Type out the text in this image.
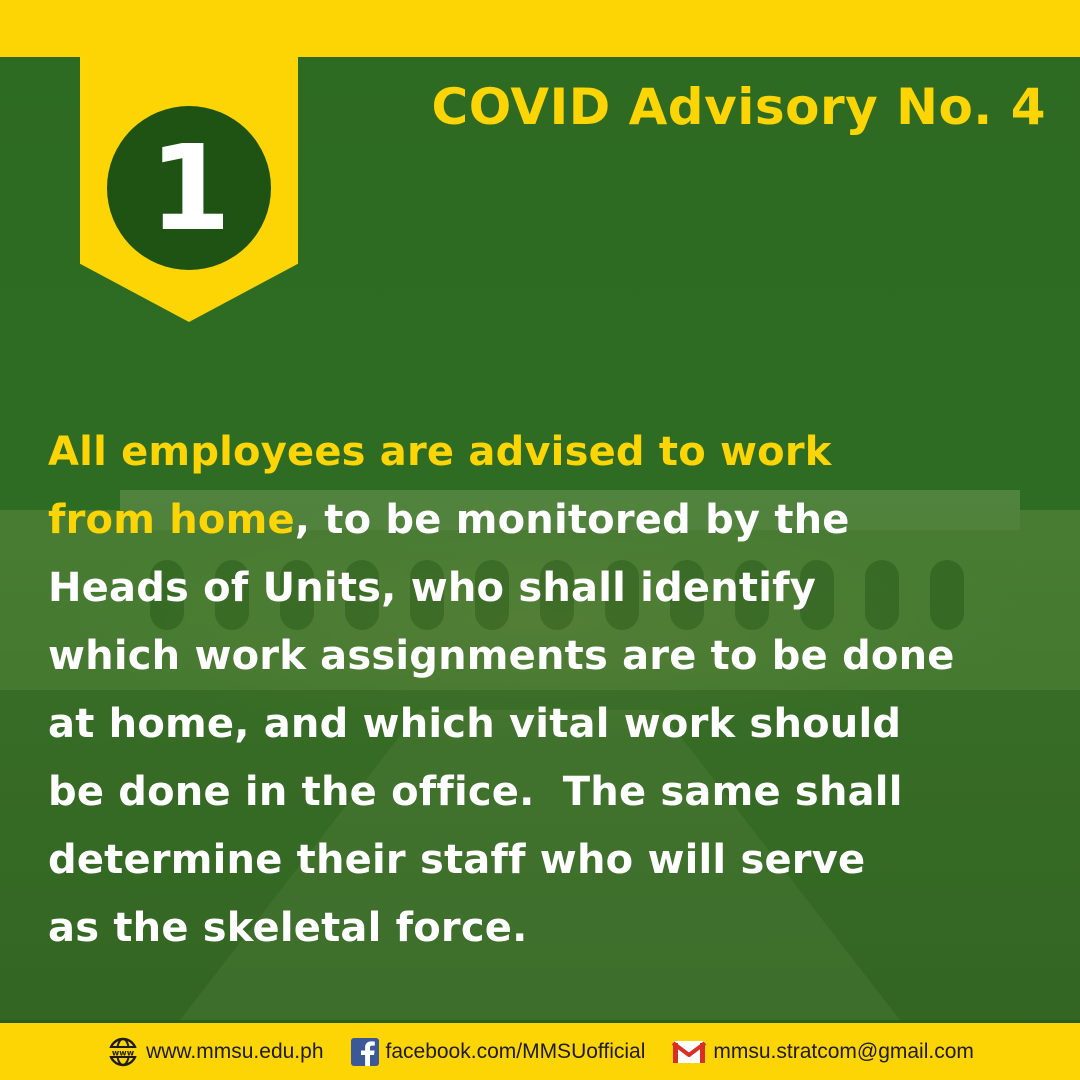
1
COVID Advisory No. 4
All employees are advised to work
from home, to be monitored by the
Heads of Units, who shall identify
which work assignments are to be done
at home, and which vital work should
be done in the office.  The same shall
determine their staff who will serve
as the skeletal force.
www www.mmsu.edu.ph	facebook.com/MMSUofficial	mmsu.stratcom@gmail.com
